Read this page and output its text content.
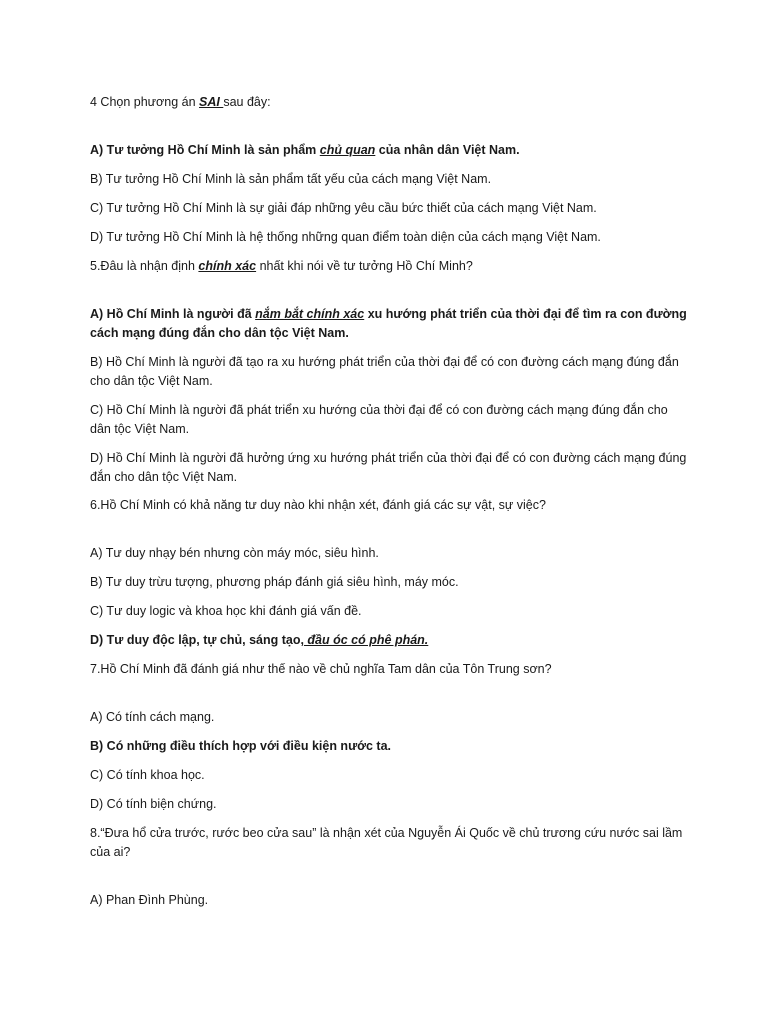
4 Chọn phương án SAI sau đây:

A) Tư tưởng Hồ Chí Minh là sản phẩm chủ quan của nhân dân Việt Nam.

B) Tư tưởng Hồ Chí Minh là sản phẩm tất yếu của cách mạng Việt Nam.

C) Tư tưởng Hồ Chí Minh là sự giải đáp những yêu cầu bức thiết của cách mạng Việt Nam.

D) Tư tưởng Hồ Chí Minh là hệ thống những quan điểm toàn diện của cách mạng Việt Nam.

5.Đâu là nhận định chính xác nhất khi nói về tư tưởng Hồ Chí Minh?

A) Hồ Chí Minh là người đã nắm bắt chính xác xu hướng phát triển của thời đại để tìm ra con đường cách mạng đúng đắn cho dân tộc Việt Nam.

B) Hồ Chí Minh là người đã tạo ra xu hướng phát triển của thời đại để có con đường cách mạng đúng đắn cho dân tộc Việt Nam.

C) Hồ Chí Minh là người đã phát triển xu hướng của thời đại để có con đường cách mạng đúng đắn cho dân tộc Việt Nam.

D) Hồ Chí Minh là người đã hưởng ứng xu hướng phát triển của thời đại để có con đường cách mạng đúng đắn cho dân tộc Việt Nam.

6.Hồ Chí Minh có khả năng tư duy nào khi nhận xét, đánh giá các sự vật, sự việc?

A) Tư duy nhạy bén nhưng còn máy móc, siêu hình.

B) Tư duy trừu tượng, phương pháp đánh giá siêu hình, máy móc.

C) Tư duy logic và khoa học khi đánh giá vấn đề.

D) Tư duy độc lập, tự chủ, sáng tạo, đầu óc có phê phán.

7.Hồ Chí Minh đã đánh giá như thế nào về chủ nghĩa Tam dân của Tôn Trung sơn?

A) Có tính cách mạng.

B) Có những điều thích hợp với điều kiện nước ta.

C) Có tính khoa học.

D) Có tính biện chứng.

8.“Đưa hổ cửa trước, rước beo cửa sau” là nhận xét của Nguyễn Ái Quốc về chủ trương cứu nước sai lầm của ai?

A) Phan Đình Phùng.
